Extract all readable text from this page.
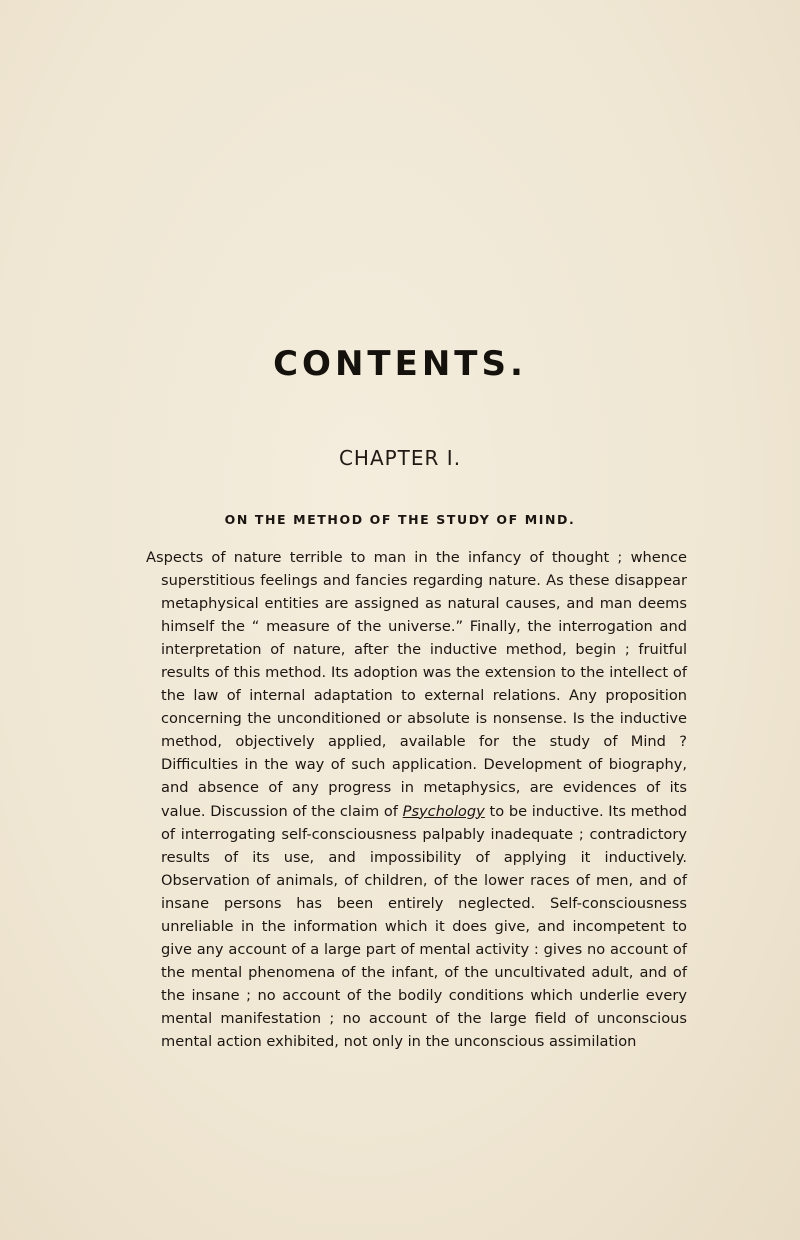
CONTENTS.
CHAPTER I.
ON THE METHOD OF THE STUDY OF MIND.

Aspects of nature terrible to man in the infancy of thought ; whence superstitious feelings and fancies regarding nature. As these disappear metaphysical entities are assigned as natural causes, and man deems himself the “ measure of the universe.” Finally, the interrogation and interpretation of nature, after the inductive method, begin ; fruitful results of this method. Its adoption was the extension to the intellect of the law of internal adaptation to external relations. Any proposition concerning the unconditioned or absolute is nonsense. Is the inductive method, objectively applied, available for the study of Mind ? Difficulties in the way of such application. Development of biography, and absence of any progress in metaphysics, are evidences of its value. Discussion of the claim of Psychology to be inductive. Its method of interrogating self-consciousness palpably inadequate ; contradictory results of its use, and impossibility of applying it inductively. Observation of animals, of children, of the lower races of men, and of insane persons has been entirely neglected. Self-consciousness unreliable in the information which it does give, and incompetent to give any account of a large part of mental activity : gives no account of the mental phenomena of the infant, of the uncultivated adult, and of the insane ; no account of the bodily conditions which underlie every mental manifestation ; no account of the large field of unconscious mental action exhibited, not only in the unconscious assimilation
